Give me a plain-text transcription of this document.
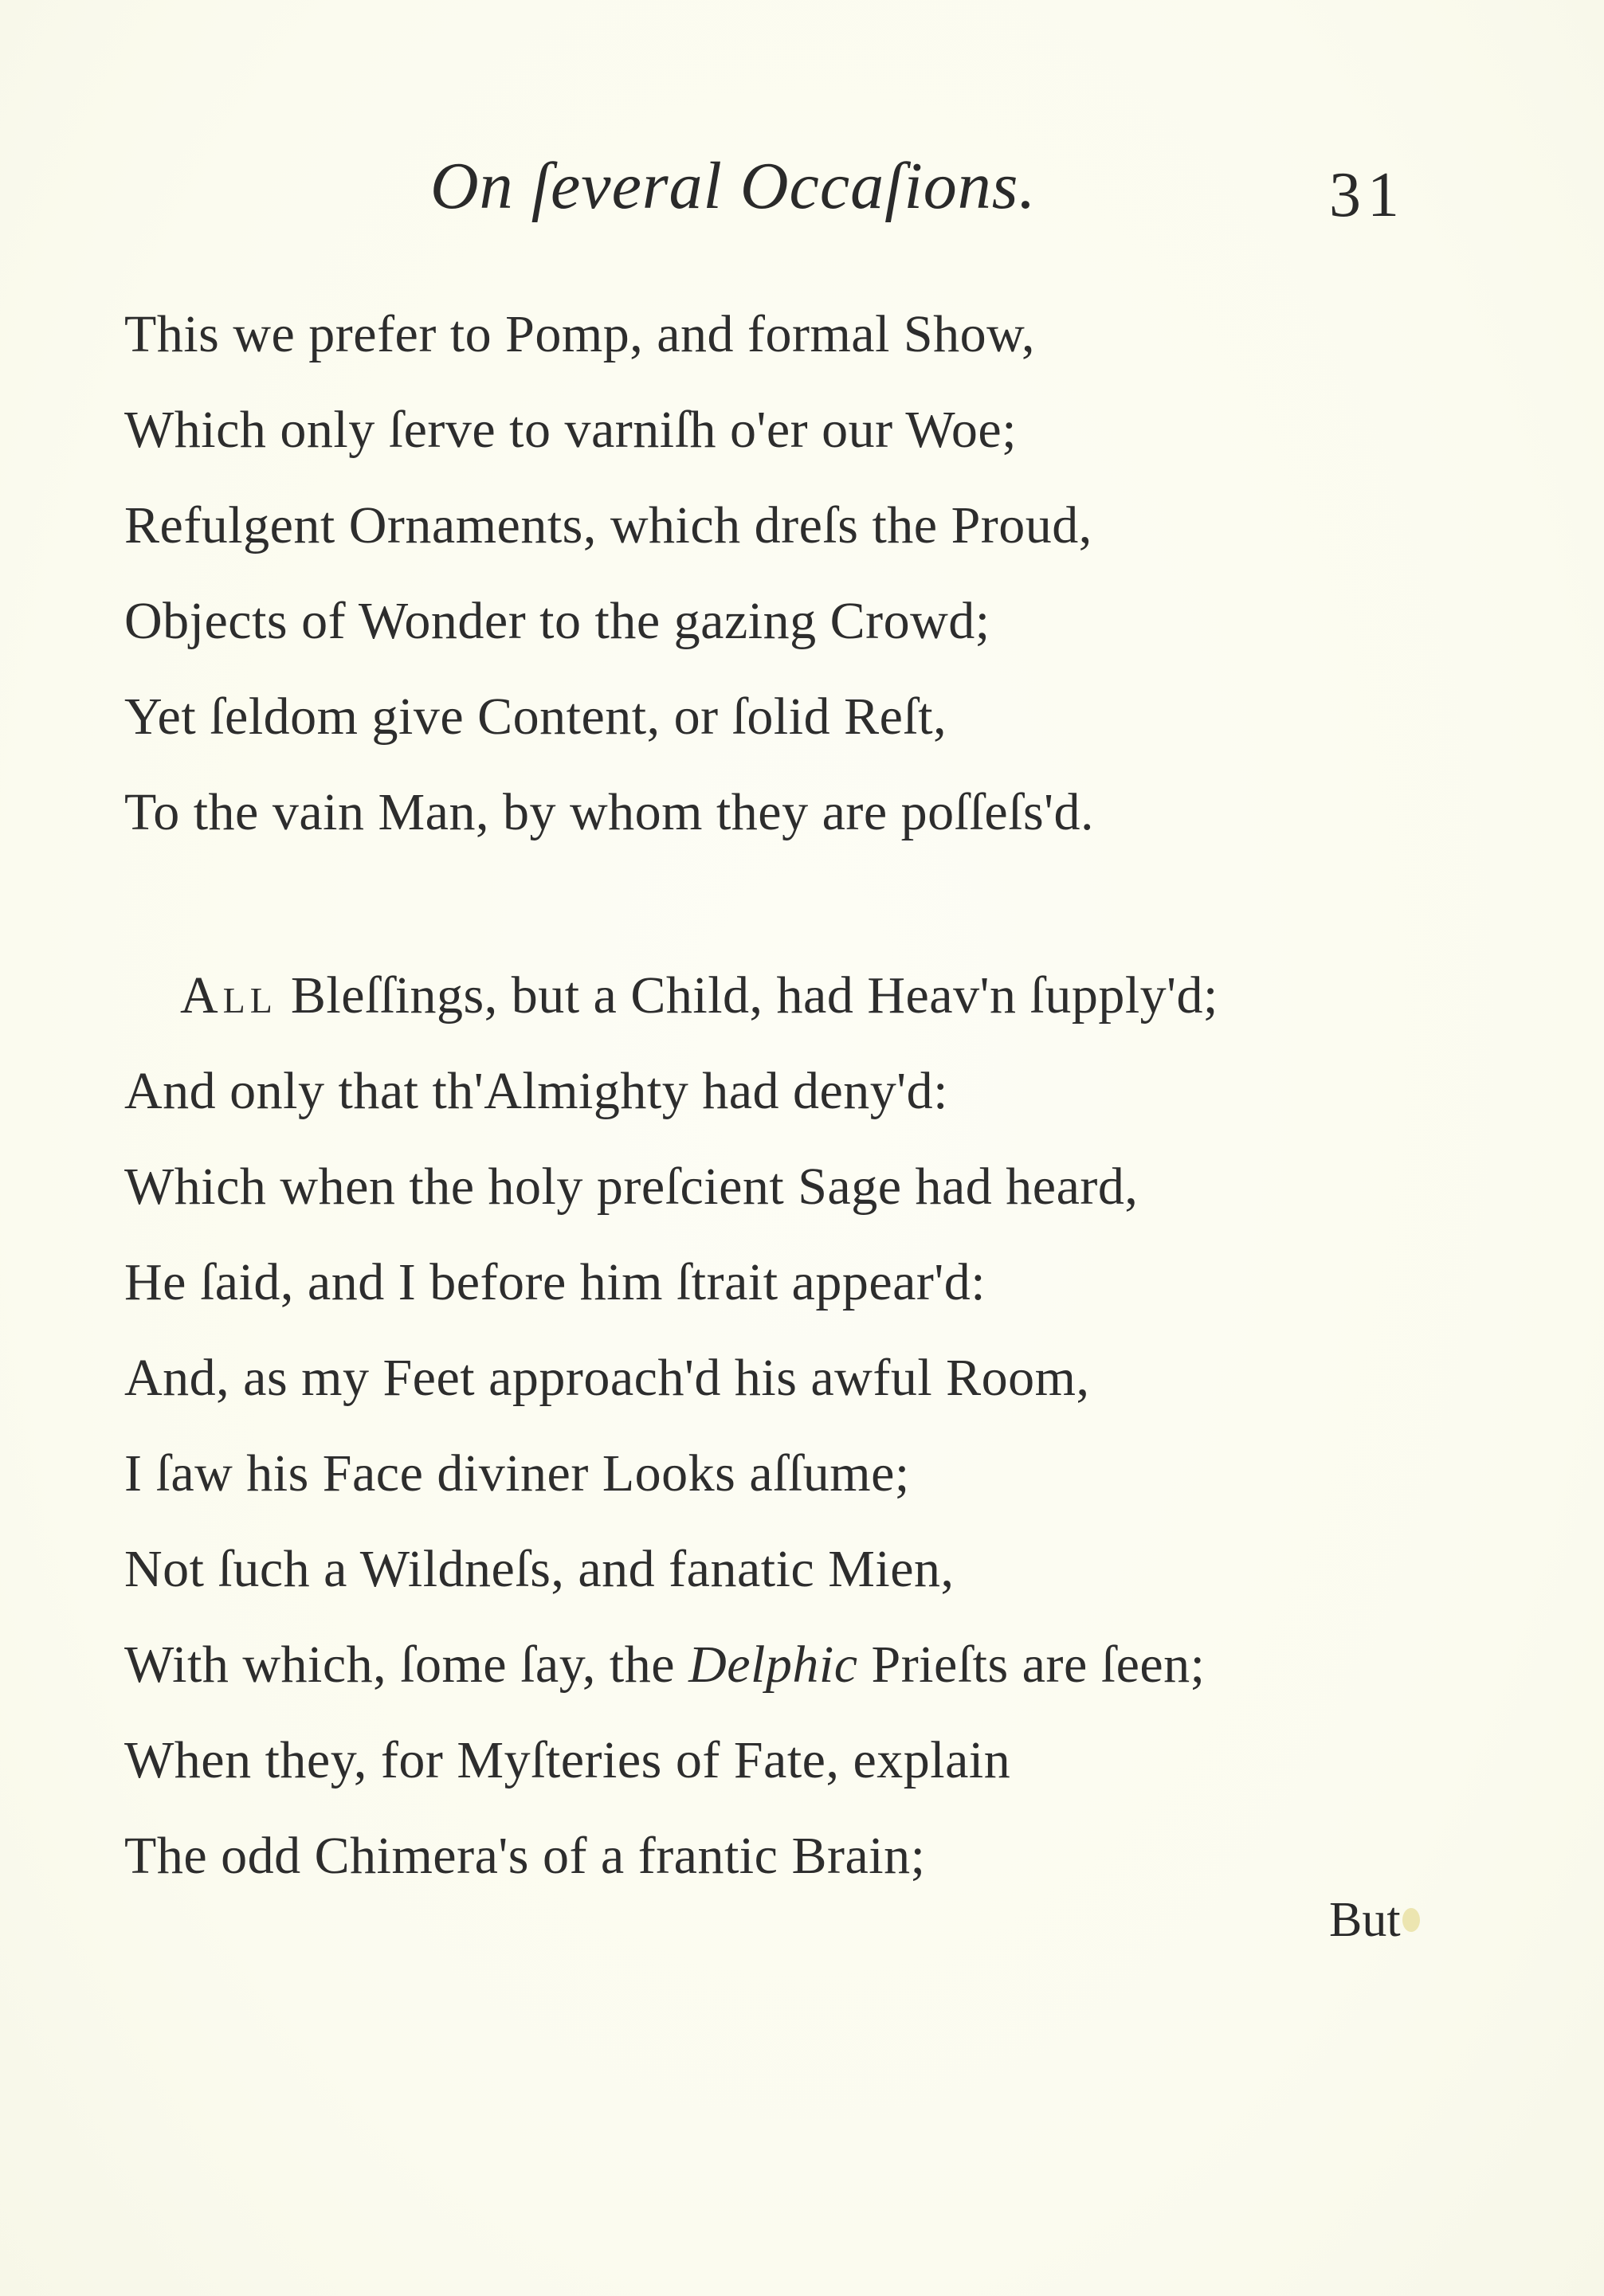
On ſeveral Occaſions.	31
This we prefer to Pomp, and formal Show,
Which only ſerve to varniſh o'er our Woe;
Refulgent Ornaments, which dreſs the Proud,
Objects of Wonder to the gazing Crowd;
Yet ſeldom give Content, or ſolid Reſt,
To the vain Man, by whom they are poſſeſs'd.
All Bleſſings, but a Child, had Heav'n ſupply'd;
And only that th'Almighty had deny'd:
Which when the holy preſcient Sage had heard,
He ſaid, and I before him ſtrait appear'd:
And, as my Feet approach'd his awful Room,
I ſaw his Face diviner Looks aſſume;
Not ſuch a Wildneſs, and fanatic Mien,
With which, ſome ſay, the Delphic Prieſts are ſeen;
When they, for Myſteries of Fate, explain
The odd Chimera's of a frantic Brain;
But
